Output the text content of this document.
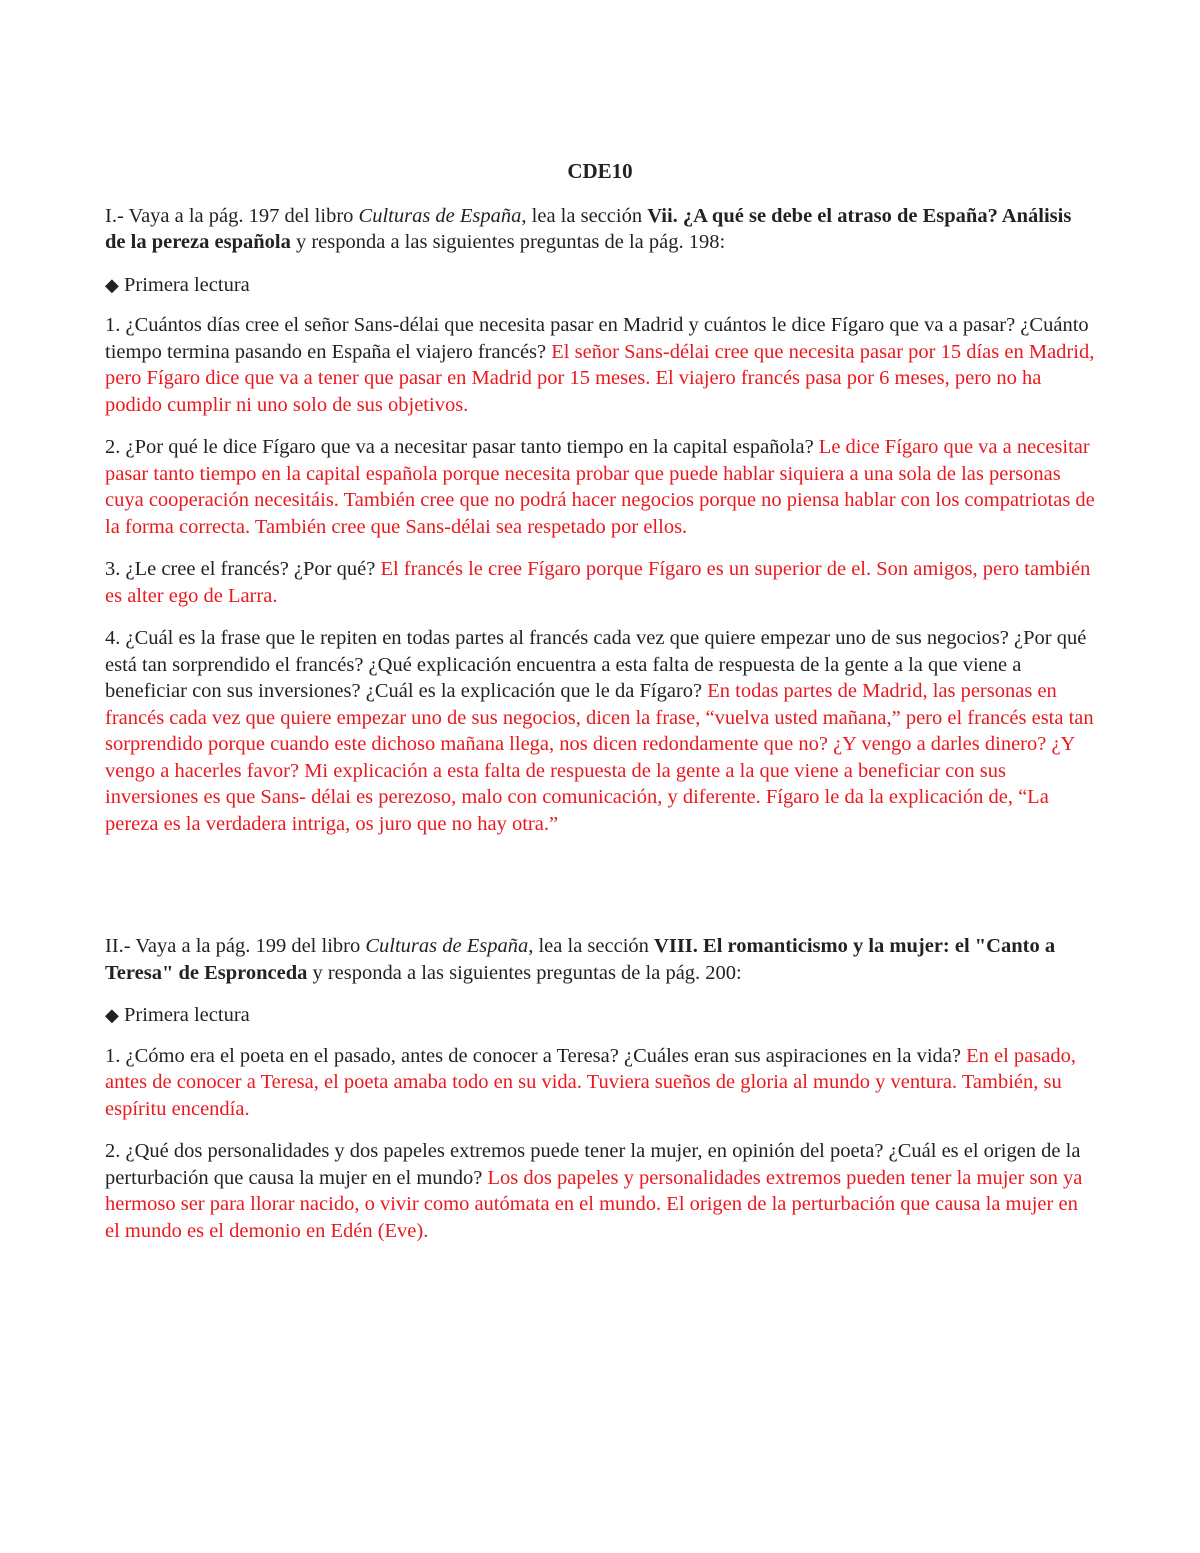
CDE10

I.- Vaya a la pág. 197 del libro Culturas de España, lea la sección Vii. ¿A qué se debe el atraso de España? Análisis de la pereza española y responda a las siguientes preguntas de la pág. 198:

◆ Primera lectura

1. ¿Cuántos días cree el señor Sans-délai que necesita pasar en Madrid y cuántos le dice Fígaro que va a pasar? ¿Cuánto tiempo termina pasando en España el viajero francés? El señor Sans-délai cree que necesita pasar por 15 días en Madrid, pero Fígaro dice que va a tener que pasar en Madrid por 15 meses. El viajero francés pasa por 6 meses, pero no ha podido cumplir ni uno solo de sus objetivos.

2. ¿Por qué le dice Fígaro que va a necesitar pasar tanto tiempo en la capital española? Le dice Fígaro que va a necesitar pasar tanto tiempo en la capital española porque necesita probar que puede hablar siquiera a una sola de las personas cuya cooperación necesitáis. También cree que no podrá hacer negocios porque no piensa hablar con los compatriotas de la forma correcta. También cree que Sans-délai sea respetado por ellos.

3. ¿Le cree el francés? ¿Por qué? El francés le cree Fígaro porque Fígaro es un superior de el. Son amigos, pero también es alter ego de Larra.

4. ¿Cuál es la frase que le repiten en todas partes al francés cada vez que quiere empezar uno de sus negocios? ¿Por qué está tan sorprendido el francés? ¿Qué explicación encuentra a esta falta de respuesta de la gente a la que viene a beneficiar con sus inversiones? ¿Cuál es la explicación que le da Fígaro? En todas partes de Madrid, las personas en francés cada vez que quiere empezar uno de sus negocios, dicen la frase, “vuelva usted mañana,” pero el francés esta tan sorprendido porque cuando este dichoso mañana llega, nos dicen redondamente que no? ¿Y vengo a darles dinero? ¿Y vengo a hacerles favor? Mi explicación a esta falta de respuesta de la gente a la que viene a beneficiar con sus inversiones es que Sans- délai es perezoso, malo con comunicación, y diferente. Fígaro le da la explicación de, “La pereza es la verdadera intriga, os juro que no hay otra.”

II.- Vaya a la pág. 199 del libro Culturas de España, lea la sección VIII. El romanticismo y la mujer: el "Canto a Teresa" de Espronceda y responda a las siguientes preguntas de la pág. 200:

◆ Primera lectura

1. ¿Cómo era el poeta en el pasado, antes de conocer a Teresa? ¿Cuáles eran sus aspiraciones en la vida? En el pasado, antes de conocer a Teresa, el poeta amaba todo en su vida. Tuviera sueños de gloria al mundo y ventura. También, su espíritu encendía.

2. ¿Qué dos personalidades y dos papeles extremos puede tener la mujer, en opinión del poeta? ¿Cuál es el origen de la perturbación que causa la mujer en el mundo? Los dos papeles y personalidades extremos pueden tener la mujer son ya hermoso ser para llorar nacido, o vivir como autómata en el mundo. El origen de la perturbación que causa la mujer en el mundo es el demonio en Edén (Eve).
